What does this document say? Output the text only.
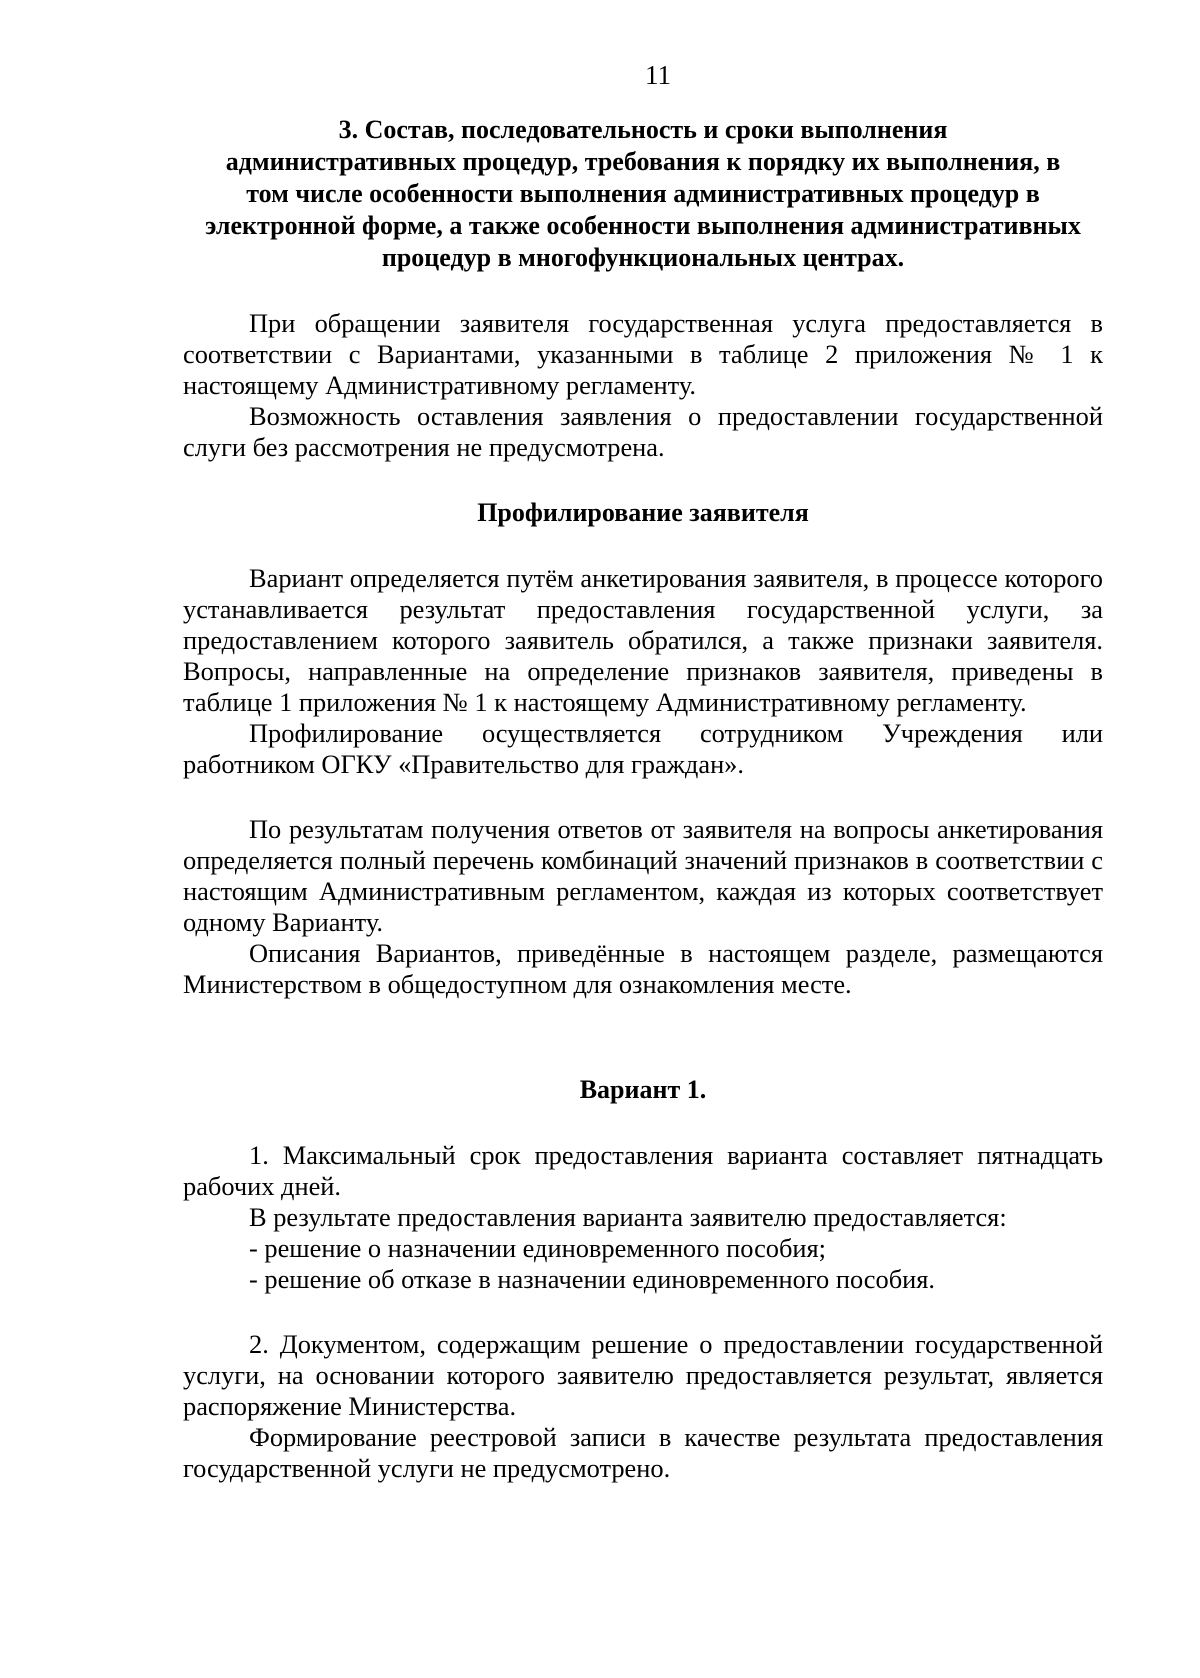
11
3. Состав, последовательность и сроки выполнения
административных процедур, требования к порядку их выполнения, в
том числе особенности выполнения административных процедур в
электронной форме, а также особенности выполнения административных
процедур в многофункциональных центрах.

При обращении заявителя государственная услуга предоставляется в соответствии с Вариантами, указанными в таблице 2 приложения № 1 к настоящему Административному регламенту.

Возможность оставления заявления о предоставлении государственной слуги без рассмотрения не предусмотрена.

Профилирование заявителя

Вариант определяется путём анкетирования заявителя, в процессе которого устанавливается результат предоставления государственной услуги, за предоставлением которого заявитель обратился, а также признаки заявителя. Вопросы, направленные на определение признаков заявителя, приведены в таблице 1 приложения № 1 к настоящему Административному регламенту.

Профилирование осуществляется сотрудником Учреждения или работником ОГКУ «Правительство для граждан».

По результатам получения ответов от заявителя на вопросы анкетирования определяется полный перечень комбинаций значений признаков в соответствии с настоящим Административным регламентом, каждая из которых соответствует одному Варианту.

Описания Вариантов, приведённые в настоящем разделе, размещаются Министерством в общедоступном для ознакомления месте.

Вариант 1.

1. Максимальный срок предоставления варианта составляет пятнадцать рабочих дней.

В результате предоставления варианта заявителю предоставляется:

- решение о назначении единовременного пособия;

- решение об отказе в назначении единовременного пособия.

2. Документом, содержащим решение о предоставлении государственной услуги, на основании которого заявителю предоставляется результат, является распоряжение Министерства.

Формирование реестровой записи в качестве результата предоставления государственной услуги не предусмотрено.
